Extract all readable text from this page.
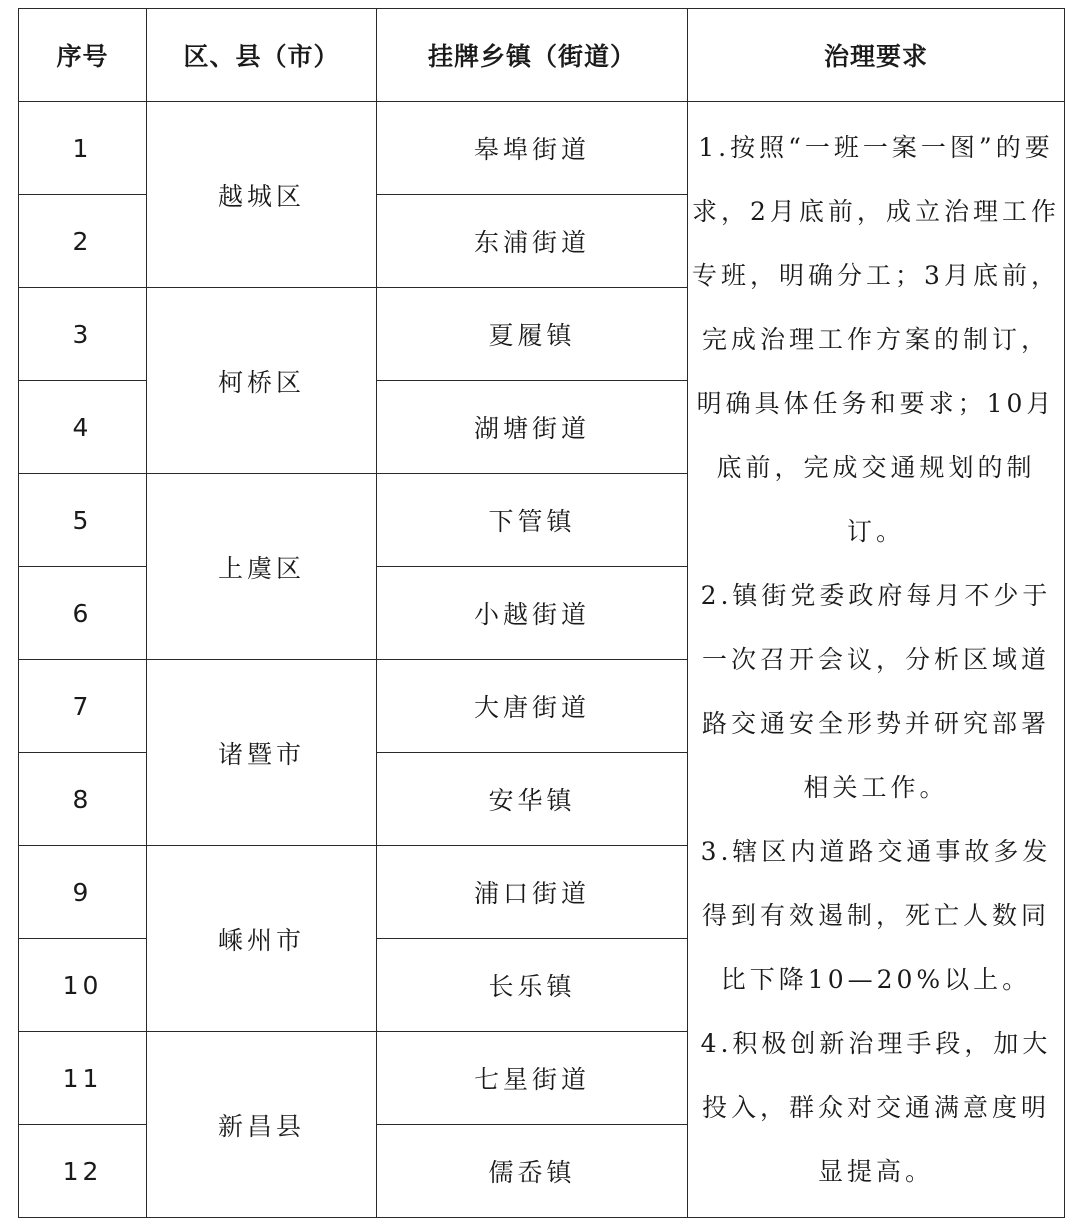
序号	区、县（市）	挂牌乡镇（街道）	治理要求
1	越城区	皋埠街道	1.按照“一班一案一图”的要求，2月底前，成立治理工作专班，明确分工；3月底前，完成治理工作方案的制订，明确具体任务和要求；10月底前，完成交通规划的制订。
2.镇街党委政府每月不少于一次召开会议，分析区域道路交通安全形势并研究部署相关工作。
3.辖区内道路交通事故多发得到有效遏制，死亡人数同比下降10—20%以上。
4.积极创新治理手段，加大投入，群众对交通满意度明显提高。

2		东浦街道	
3	柯桥区	夏履镇	
4		湖塘街道	
5	上虞区	下管镇	
6		小越街道	
7	诸暨市	大唐街道	
8		安华镇	
9	嵊州市	浦口街道	
10		长乐镇	
11	新昌县	七星街道	
12		儒岙镇	
